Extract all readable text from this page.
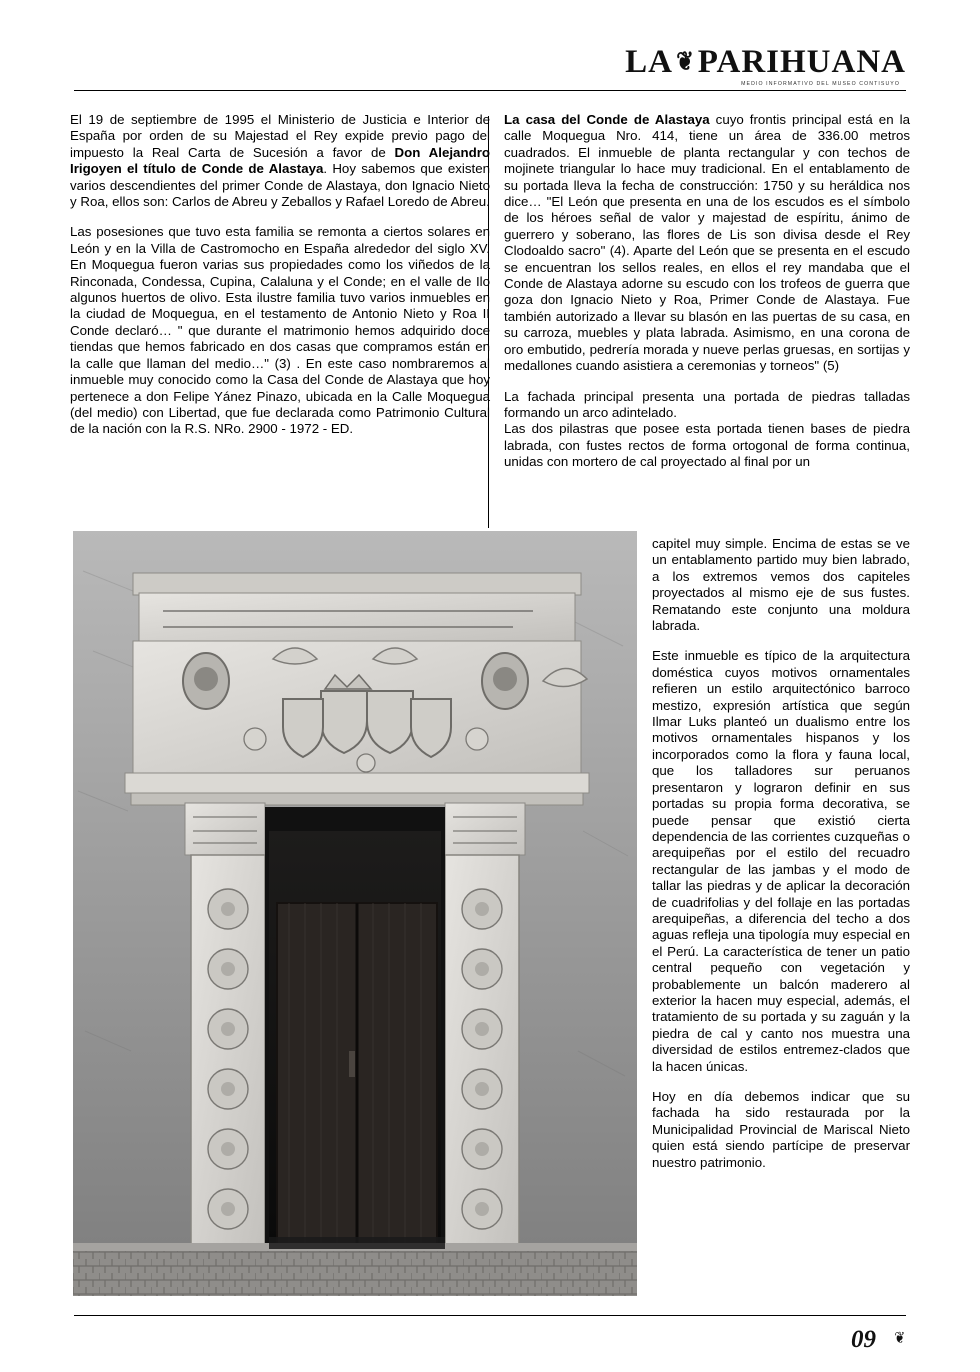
LA ❦PARIHUANA
MEDIO INFORMATIVO DEL MUSEO CONTISUYO

El 19 de septiembre de 1995 el Ministerio de Justicia e Interior de España por orden de su Majestad el Rey expide previo pago del impuesto la Real Carta de Sucesión a favor de Don Alejandro Irigoyen el título de Conde de Alastaya. Hoy sabemos que existen varios descendientes del primer Conde de Alastaya, don Ignacio Nieto y Roa, ellos son: Carlos de Abreu y Zeballos y Rafael Loredo de Abreu.

Las posesiones que tuvo esta familia se remonta a ciertos solares en León y en la Villa de Castromocho en España alrededor del siglo XV. En Moquegua fueron varias sus propiedades como los viñedos de la Rinconada, Condessa, Cupina, Calaluna y el Conde; en el valle de Ilo algunos huertos de olivo. Esta ilustre familia tuvo varios inmuebles en la ciudad de Moquegua, en el testamento de Antonio Nieto y Roa II Conde declaró… " que durante el matrimonio hemos adquirido doce tiendas que hemos fabricado en dos casas que compramos están en la calle que llaman del medio…" (3) . En este caso nombraremos al inmueble muy conocido como la Casa del Conde de Alastaya que hoy pertenece a don Felipe Yánez Pinazo, ubicada en la Calle Moquegua (del medio) con Libertad, que fue declarada como Patrimonio Cultural de la nación con la R.S. NRo. 2900 - 1972 - ED.

La casa del Conde de Alastaya cuyo frontis principal está en la calle Moquegua Nro. 414, tiene un área de 336.00 metros cuadrados. El inmueble de planta rectangular y con techos de mojinete triangular lo hace muy tradicional. En el entablamento de su portada lleva la fecha de construcción: 1750 y su heráldica nos dice… "El León que presenta en una de los escudos es el símbolo de los héroes señal de valor y majestad de espíritu, ánimo de guerrero y soberano, las flores de Lis son divisa desde el Rey Clodoaldo sacro" (4). Aparte del León que se presenta en el escudo se encuentran los sellos reales, en ellos el rey mandaba que el Conde de Alastaya adorne su escudo con los trofeos de guerra que goza don Ignacio Nieto y Roa, Primer Conde de Alastaya. Fue también autorizado a llevar su blasón en las puertas de su casa, en su carroza, muebles y plata labrada. Asimismo, en una corona de oro embutido, pedrería morada y nueve perlas gruesas, en sortijas y medallones cuando asistiera a ceremonias y torneos" (5)

La fachada principal presenta una portada de piedras talladas formando un arco adintelado.

Las dos pilastras que posee esta portada tienen bases de piedra labrada, con fustes rectos de forma ortogonal de forma continua, unidas con mortero de cal proyectado al final por un

capitel muy simple. Encima de estas se ve un entablamento partido muy bien labrado, a los extremos vemos dos capiteles proyectados al mismo eje de sus fustes. Rematando este conjunto una moldura labrada.

Este inmueble es típico de la arquitectura doméstica cuyos motivos ornamentales refieren un estilo arquitectónico barroco mestizo, expresión artística que según Ilmar Luks planteó un dualismo entre los motivos ornamentales hispanos y los incorporados como la flora y fauna local, que los talladores sur peruanos presentaron y lograron definir en sus portadas su propia forma decorativa, se puede pensar que existió cierta dependencia de las corrientes cuzqueñas o arequipeñas por el estilo del recuadro rectangular de las jambas y el modo de tallar las piedras y de aplicar la decoración de cuadrifolias y del follaje en las portadas arequipeñas, a diferencia del techo a dos aguas refleja una tipología muy especial en el Perú. La característica de tener un patio central pequeño con vegetación y probablemente un balcón maderero al exterior la hacen muy especial, además, el tratamiento de su portada y su zaguán y la piedra de cal y canto nos muestra una diversidad de estilos entremez-clados que la hacen únicas.

Hoy en día debemos indicar que su fachada ha sido restaurada por la Municipalidad Provincial de Mariscal Nieto quien está siendo partícipe de preservar nuestro patrimonio.

09 ❦
